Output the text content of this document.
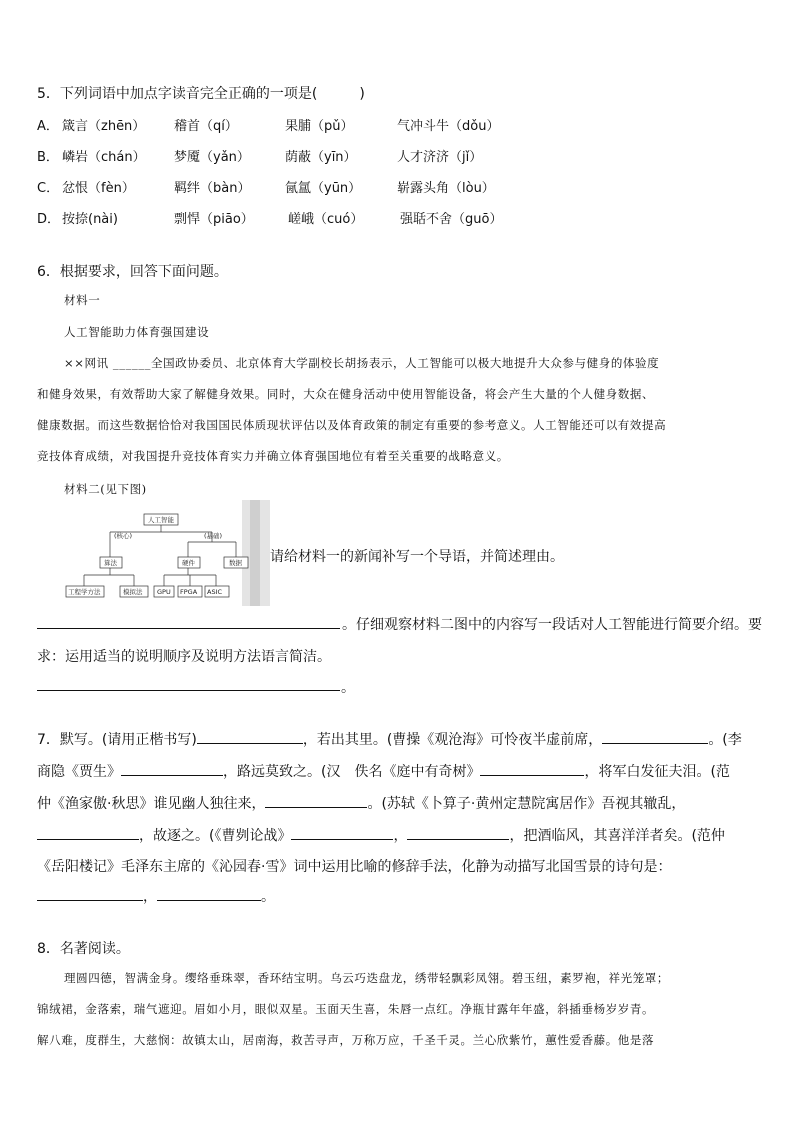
5．下列词语中加点字读音完全正确的一项是(　　　)
A． 箴言（zhēn） 稽首（qí）	果脯（pǔ）	气冲斗牛（dǒu）
B． 嶙岩（chán） 梦魇（yǎn）	荫蔽（yīn）	人才济济（jǐ）
C． 忿恨（fèn）	羁绊（bàn）	氤氲（yūn）	崭露头角（lòu）
D． 按捺(nài)	剽悍（piāo）	嵯峨（cuó）	强聒不舍（guō）
6．根据要求，回答下面问题。
材料一
人工智能助力体育强国建设
××网讯 ______全国政协委员、北京体育大学副校长胡扬表示，人工智能可以极大地提升大众参与健身的体验度
和健身效果，有效帮助大家了解健身效果。同时，大众在健身活动中使用智能设备，将会产生大量的个人健身数据、
健康数据。而这些数据恰恰对我国国民体质现状评估以及体育政策的制定有重要的参考意义。人工智能还可以有效提高
竞技体育成绩，对我国提升竞技体育实力并确立体育强国地位有着至关重要的战略意义。
材料二(见下图)
人工智能
(核心)	(基础)
算法	硬件	数据
工程学方法	模拟法 GPU FPGA ASIC
请给材料一的新闻补写一个导语，并简述理由。
。仔细观察材料二图中的内容写一段话对人工智能进行简要介绍。要
求：运用适当的说明顺序及说明方法语言简洁。
。
7．默写。(请用正楷书写)	，若出其里。(曹操《观沧海》可怜夜半虚前席，	。(李
商隐《贾生》	，路远莫致之。(汉　佚名《庭中有奇树》	，将军白发征夫泪。(范
仲《渔家傲·秋思》谁见幽人独往来，	。(苏轼《卜算子·黄州定慧院寓居作》吾视其辙乱，
，故逐之。(《曹刿论战》	，	，把酒临风，其喜洋洋者矣。(范仲
《岳阳楼记》毛泽东主席的《沁园春·雪》词中运用比喻的修辞手法，化静为动描写北国雪景的诗句是：
，	。
8．名著阅读。
理圆四德，智满金身。缨络垂珠翠，香环结宝明。乌云巧迭盘龙，绣带轻飘彩凤翎。碧玉纽，素罗袍，祥光笼罩；
锦绒裙，金落索，瑞气遮迎。眉如小月，眼似双星。玉面天生喜，朱唇一点红。净瓶甘露年年盛，斜插垂杨岁岁青。
解八难，度群生，大慈悯：故镇太山，居南海，救苦寻声，万称万应，千圣千灵。兰心欣紫竹，蕙性爱香藤。他是落
